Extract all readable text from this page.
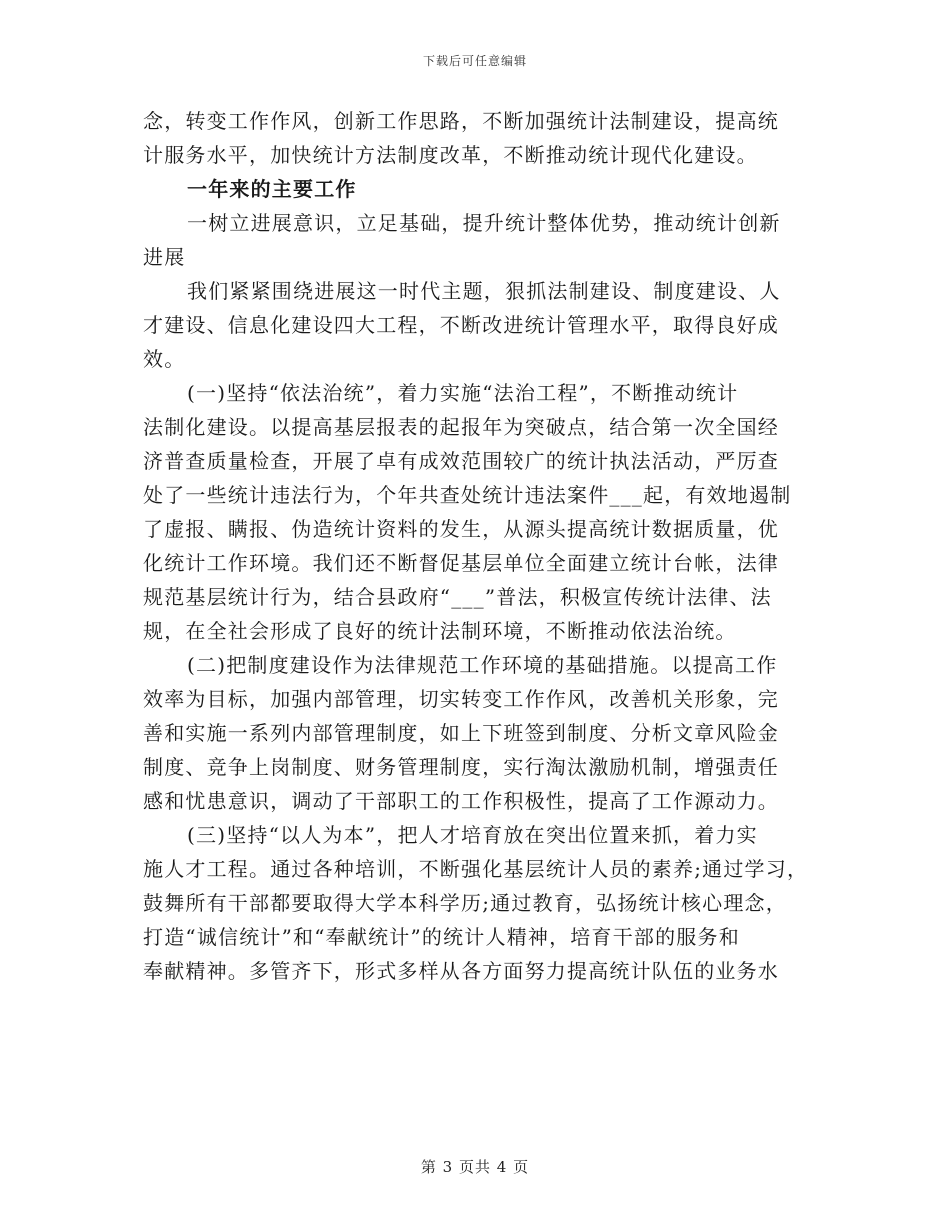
下载后可任意编辑
念，转变工作作风，创新工作思路，不断加强统计法制建设，提高统
计服务水平，加快统计方法制度改革，不断推动统计现代化建设。
一年来的主要工作
一树立进展意识，立足基础，提升统计整体优势，推动统计创新
进展
我们紧紧围绕进展这一时代主题，狠抓法制建设、制度建设、人
才建设、信息化建设四大工程，不断改进统计管理水平，取得良好成
效。
(一)坚持“依法治统”，着力实施“法治工程”，不断推动统计
法制化建设。以提高基层报表的起报年为突破点，结合第一次全国经
济普查质量检查，开展了卓有成效范围较广的统计执法活动，严厉查
处了一些统计违法行为，个年共查处统计违法案件___起，有效地遏制
了虚报、瞒报、伪造统计资料的发生，从源头提高统计数据质量，优
化统计工作环境。我们还不断督促基层单位全面建立统计台帐，法律
规范基层统计行为，结合县政府“___”普法，积极宣传统计法律、法
规，在全社会形成了良好的统计法制环境，不断推动依法治统。
(二)把制度建设作为法律规范工作环境的基础措施。以提高工作
效率为目标，加强内部管理，切实转变工作作风，改善机关形象，完
善和实施一系列内部管理制度，如上下班签到制度、分析文章风险金
制度、竞争上岗制度、财务管理制度，实行淘汰激励机制，增强责任
感和忧患意识，调动了干部职工的工作积极性，提高了工作源动力。
(三)坚持“以人为本”，把人才培育放在突出位置来抓，着力实
施人才工程。通过各种培训，不断强化基层统计人员的素养;通过学习，
鼓舞所有干部都要取得大学本科学历;通过教育，弘扬统计核心理念，
打造“诚信统计”和“奉献统计”的统计人精神，培育干部的服务和
奉献精神。多管齐下，形式多样从各方面努力提高统计队伍的业务水
第 3 页共 4 页
